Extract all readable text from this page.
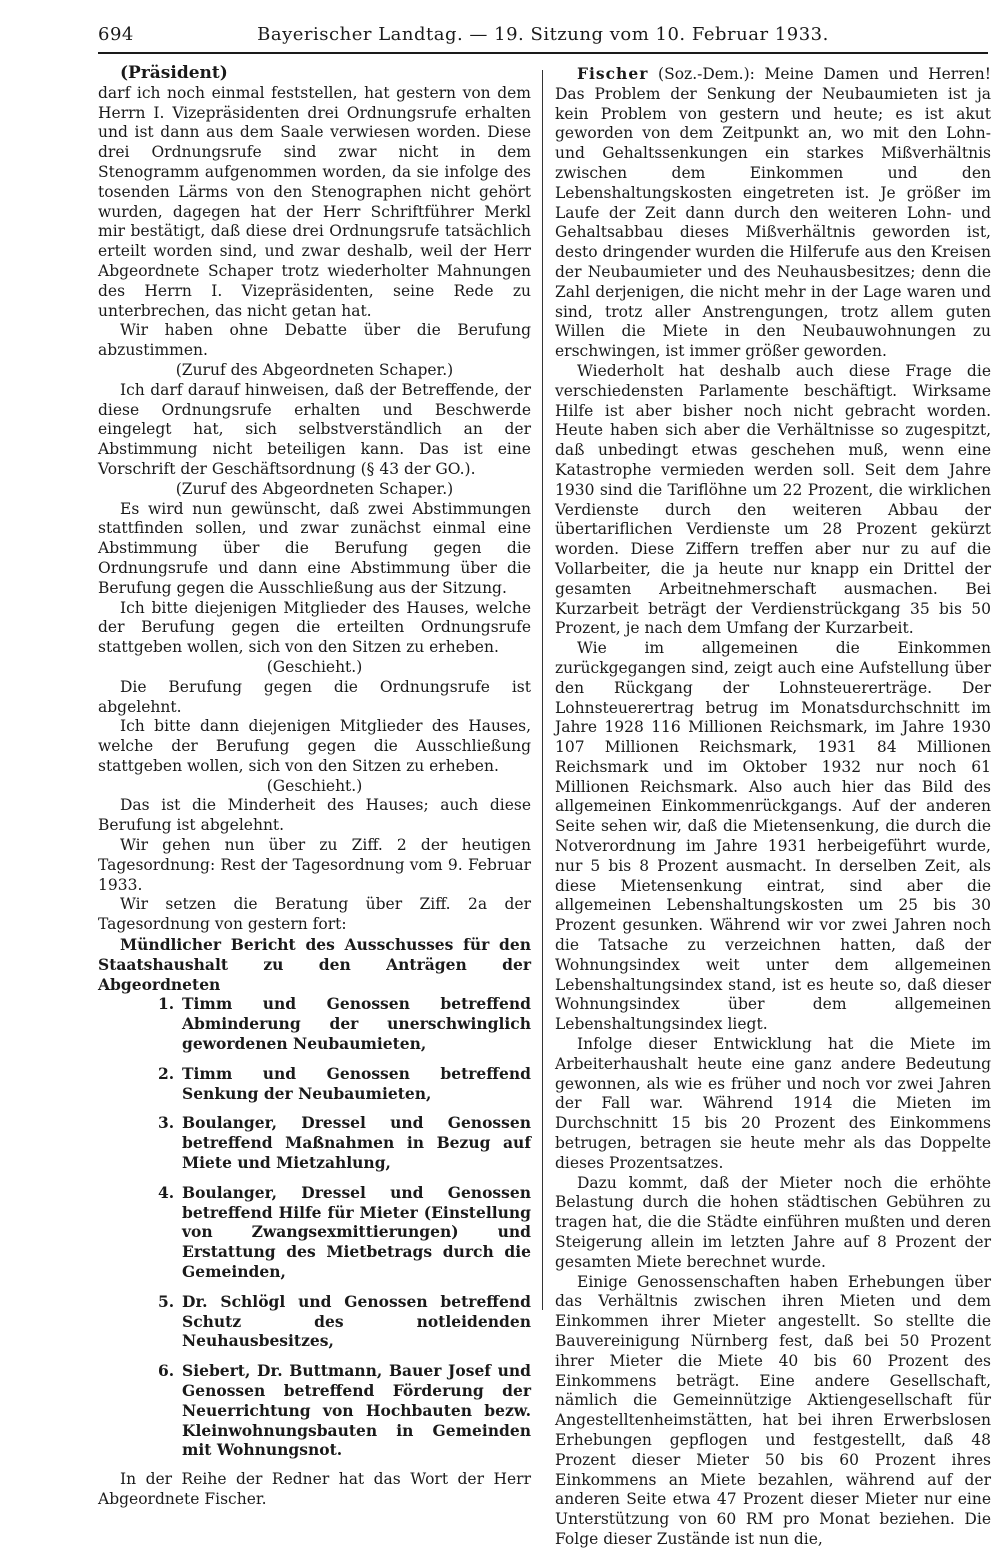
694	Bayerischer Landtag. — 19. Sitzung vom 10. Februar 1933.

(Präsident)

darf ich noch einmal feststellen, hat gestern von dem Herrn I. Vizepräsidenten drei Ordnungsrufe erhalten und ist dann aus dem Saale verwiesen worden. Diese drei Ordnungsrufe sind zwar nicht in dem Stenogramm aufgenommen worden, da sie infolge des tosenden Lärms von den Stenographen nicht gehört wurden, dagegen hat der Herr Schriftführer Merkl mir bestätigt, daß diese drei Ordnungsrufe tatsächlich erteilt worden sind, und zwar deshalb, weil der Herr Abgeordnete Schaper trotz wiederholter Mahnungen des Herrn I. Vizepräsidenten, seine Rede zu unterbrechen, das nicht getan hat.

Wir haben ohne Debatte über die Berufung abzustimmen.

(Zuruf des Abgeordneten Schaper.)

Ich darf darauf hinweisen, daß der Betreffende, der diese Ordnungsrufe erhalten und Beschwerde eingelegt hat, sich selbstverständlich an der Abstimmung nicht beteiligen kann. Das ist eine Vorschrift der Geschäftsordnung (§ 43 der GO.).

(Zuruf des Abgeordneten Schaper.)

Es wird nun gewünscht, daß zwei Abstimmungen stattfinden sollen, und zwar zunächst einmal eine Abstimmung über die Berufung gegen die Ordnungsrufe und dann eine Abstimmung über die Berufung gegen die Ausschließung aus der Sitzung.

Ich bitte diejenigen Mitglieder des Hauses, welche der Berufung gegen die erteilten Ordnungsrufe stattgeben wollen, sich von den Sitzen zu erheben.

(Geschieht.)

Die Berufung gegen die Ordnungsrufe ist abgelehnt.

Ich bitte dann diejenigen Mitglieder des Hauses, welche der Berufung gegen die Ausschließung stattgeben wollen, sich von den Sitzen zu erheben.

(Geschieht.)

Das ist die Minderheit des Hauses; auch diese Berufung ist abgelehnt.

Wir gehen nun über zu Ziff. 2 der heutigen Tagesordnung: Rest der Tagesordnung vom 9. Februar 1933.

Wir setzen die Beratung über Ziff. 2a der Tagesordnung von gestern fort:

Mündlicher Bericht des Ausschusses für den Staatshaushalt zu den Anträgen der Abgeordneten

1. Timm und Genossen betreffend Abminderung der unerschwinglich gewordenen Neubaumieten,
2. Timm und Genossen betreffend Senkung der Neubaumieten,
3. Boulanger, Dressel und Genossen betreffend Maßnahmen in Bezug auf Miete und Mietzahlung,
4. Boulanger, Dressel und Genossen betreffend Hilfe für Mieter (Einstellung von Zwangsexmittierungen) und Erstattung des Mietbetrags durch die Gemeinden,
5. Dr. Schlögl und Genossen betreffend Schutz des notleidenden Neuhausbesitzes,
6. Siebert, Dr. Buttmann, Bauer Josef und Genossen betreffend Förderung der Neuerrichtung von Hochbauten bezw. Kleinwohnungsbauten in Gemeinden mit Wohnungsnot.

In der Reihe der Redner hat das Wort der Herr Abgeordnete Fischer.

Fischer (Soz.-Dem.): Meine Damen und Herren! Das Problem der Senkung der Neubaumieten ist ja kein Problem von gestern und heute; es ist akut geworden von dem Zeitpunkt an, wo mit den Lohn- und Gehaltssenkungen ein starkes Mißverhältnis zwischen dem Einkommen und den Lebenshaltungskosten eingetreten ist. Je größer im Laufe der Zeit dann durch den weiteren Lohn- und Gehaltsabbau dieses Mißverhältnis geworden ist, desto dringender wurden die Hilferufe aus den Kreisen der Neubaumieter und des Neuhausbesitzes; denn die Zahl derjenigen, die nicht mehr in der Lage waren und sind, trotz aller Anstrengungen, trotz allem guten Willen die Miete in den Neubauwohnungen zu erschwingen, ist immer größer geworden.

Wiederholt hat deshalb auch diese Frage die verschiedensten Parlamente beschäftigt. Wirksame Hilfe ist aber bisher noch nicht gebracht worden. Heute haben sich aber die Verhältnisse so zugespitzt, daß unbedingt etwas geschehen muß, wenn eine Katastrophe vermieden werden soll. Seit dem Jahre 1930 sind die Tariflöhne um 22 Prozent, die wirklichen Verdienste durch den weiteren Abbau der übertariflichen Verdienste um 28 Prozent gekürzt worden. Diese Ziffern treffen aber nur zu auf die Vollarbeiter, die ja heute nur knapp ein Drittel der gesamten Arbeitnehmerschaft ausmachen. Bei Kurzarbeit beträgt der Verdienstrückgang 35 bis 50 Prozent, je nach dem Umfang der Kurzarbeit.

Wie im allgemeinen die Einkommen zurückgegangen sind, zeigt auch eine Aufstellung über den Rückgang der Lohnsteuererträge. Der Lohnsteuerertrag betrug im Monatsdurchschnitt im Jahre 1928 116 Millionen Reichsmark, im Jahre 1930 107 Millionen Reichsmark, 1931 84 Millionen Reichsmark und im Oktober 1932 nur noch 61 Millionen Reichsmark. Also auch hier das Bild des allgemeinen Einkommenrückgangs. Auf der anderen Seite sehen wir, daß die Mietensenkung, die durch die Notverordnung im Jahre 1931 herbeigeführt wurde, nur 5 bis 8 Prozent ausmacht. In derselben Zeit, als diese Mietensenkung eintrat, sind aber die allgemeinen Lebenshaltungskosten um 25 bis 30 Prozent gesunken. Während wir vor zwei Jahren noch die Tatsache zu verzeichnen hatten, daß der Wohnungsindex weit unter dem allgemeinen Lebenshaltungsindex stand, ist es heute so, daß dieser Wohnungsindex über dem allgemeinen Lebenshaltungsindex liegt.

Infolge dieser Entwicklung hat die Miete im Arbeiterhaushalt heute eine ganz andere Bedeutung gewonnen, als wie es früher und noch vor zwei Jahren der Fall war. Während 1914 die Mieten im Durchschnitt 15 bis 20 Prozent des Einkommens betrugen, betragen sie heute mehr als das Doppelte dieses Prozentsatzes.

Dazu kommt, daß der Mieter noch die erhöhte Belastung durch die hohen städtischen Gebühren zu tragen hat, die die Städte einführen mußten und deren Steigerung allein im letzten Jahre auf 8 Prozent der gesamten Miete berechnet wurde.

Einige Genossenschaften haben Erhebungen über das Verhältnis zwischen ihren Mieten und dem Einkommen ihrer Mieter angestellt. So stellte die Bauvereinigung Nürnberg fest, daß bei 50 Prozent ihrer Mieter die Miete 40 bis 60 Prozent des Einkommens beträgt. Eine andere Gesellschaft, nämlich die Gemeinnützige Aktiengesellschaft für Angestelltenheimstätten, hat bei ihren Erwerbslosen Erhebungen gepflogen und festgestellt, daß 48 Prozent dieser Mieter 50 bis 60 Prozent ihres Einkommens an Miete bezahlen, während auf der anderen Seite etwa 47 Prozent dieser Mieter nur eine Unterstützung von 60 RM pro Monat beziehen. Die Folge dieser Zustände ist nun die,
